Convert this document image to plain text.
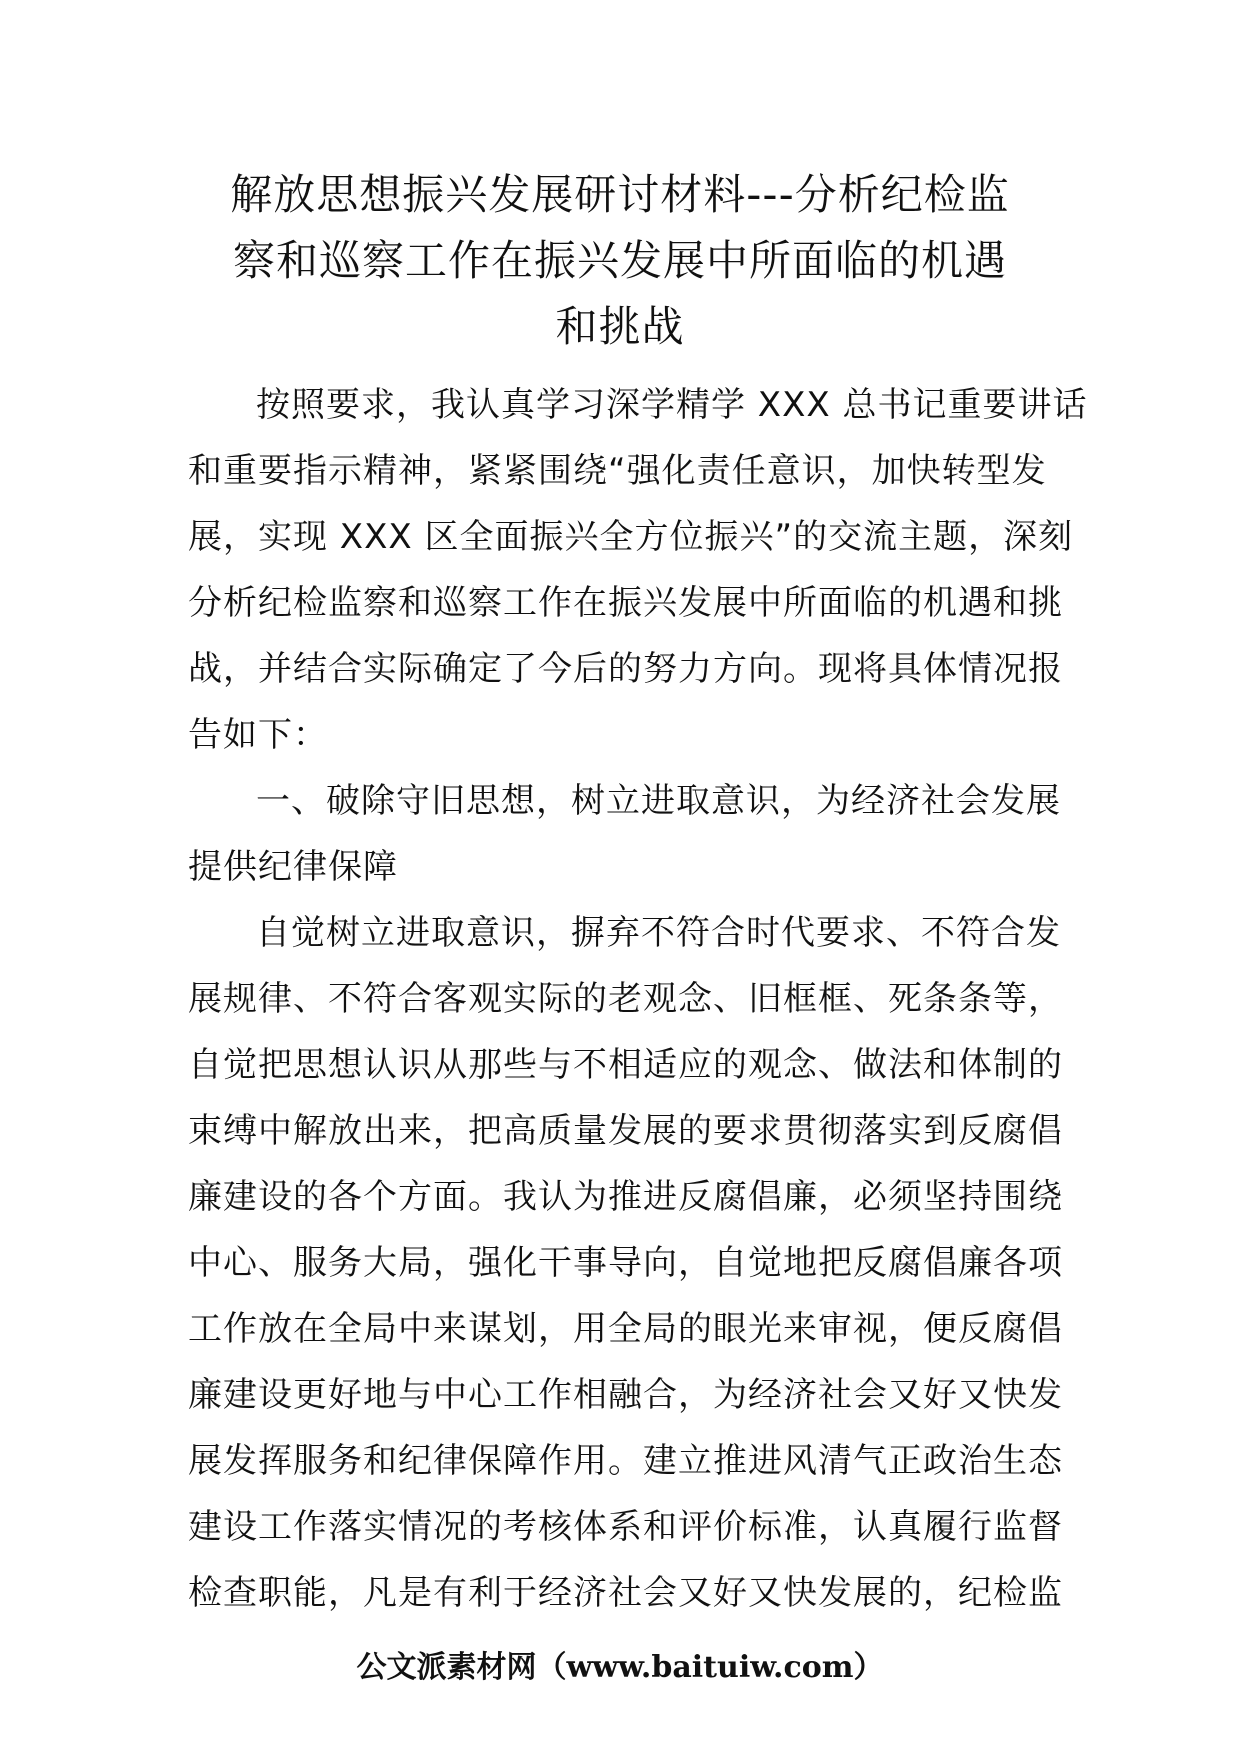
解放思想振兴发展研讨材料---分析纪检监
察和巡察工作在振兴发展中所面临的机遇
和挑战
按照要求，我认真学习深学精学 XXX 总书记重要讲话
和重要指示精神，紧紧围绕“强化责任意识，加快转型发
展，实现 XXX 区全面振兴全方位振兴”的交流主题，深刻
分析纪检监察和巡察工作在振兴发展中所面临的机遇和挑
战，并结合实际确定了今后的努力方向。现将具体情况报
告如下：
一、破除守旧思想，树立进取意识，为经济社会发展
提供纪律保障
自觉树立进取意识，摒弃不符合时代要求、不符合发
展规律、不符合客观实际的老观念、旧框框、死条条等，
自觉把思想认识从那些与不相适应的观念、做法和体制的
束缚中解放出来，把高质量发展的要求贯彻落实到反腐倡
廉建设的各个方面。我认为推进反腐倡廉，必须坚持围绕
中心、服务大局，强化干事导向，自觉地把反腐倡廉各项
工作放在全局中来谋划，用全局的眼光来审视，便反腐倡
廉建设更好地与中心工作相融合，为经济社会又好又快发
展发挥服务和纪律保障作用。建立推进风清气正政治生态
建设工作落实情况的考核体系和评价标准，认真履行监督
检查职能，凡是有利于经济社会又好又快发展的，纪检监
公文派素材网（www.baituiw.com）
